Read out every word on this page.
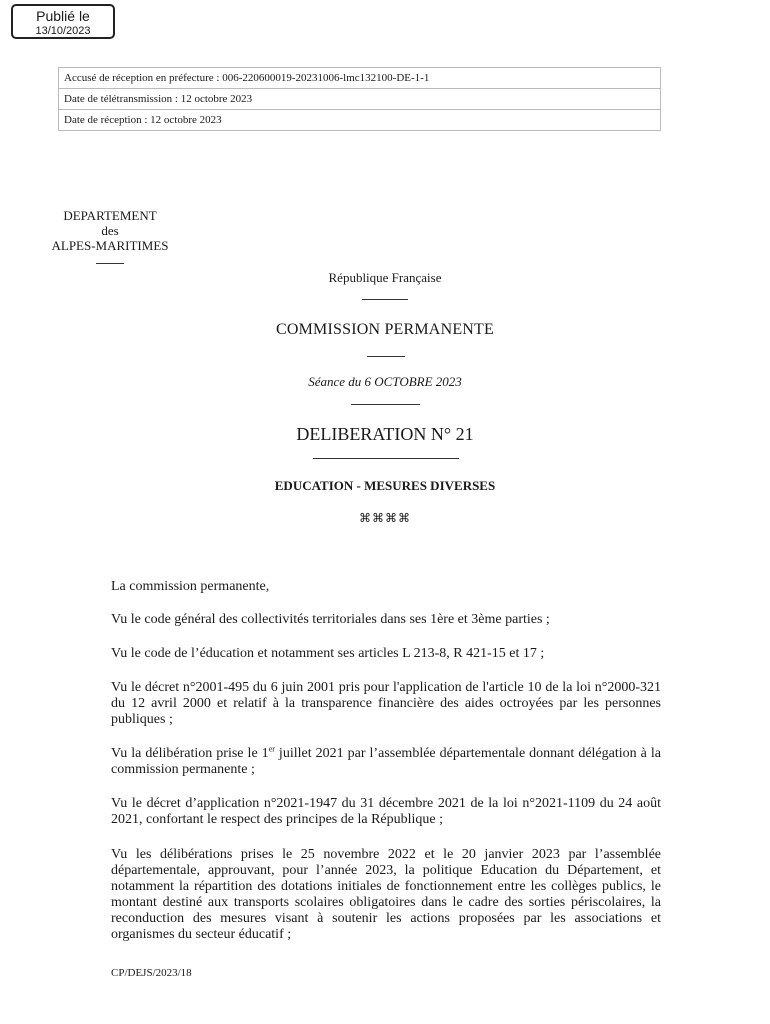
Publié le
13/10/2023
Accusé de réception en préfecture : 006-220600019-20231006-lmc132100-DE-1-1
Date de télétransmission : 12 octobre 2023
Date de réception : 12 octobre 2023
DEPARTEMENT
des
ALPES-MARITIMES
République Française
COMMISSION PERMANENTE
Séance du 6 OCTOBRE 2023
DELIBERATION N° 21
EDUCATION - MESURES DIVERSES
⌘⌘⌘⌘

La commission permanente,

Vu le code général des collectivités territoriales dans ses 1ère et 3ème parties ;

Vu le code de l’éducation et notamment ses articles L 213-8, R 421-15 et 17 ;

Vu le décret n°2001-495 du 6 juin 2001 pris pour l'application de l'article 10 de la loi n°2000-321 du 12 avril 2000 et relatif à la transparence financière des aides octroyées par les personnes publiques ;

Vu la délibération prise le 1er juillet 2021 par l’assemblée départementale donnant délégation à la commission permanente ;

Vu le décret d’application n°2021-1947 du 31 décembre 2021 de la loi n°2021-1109 du 24 août 2021, confortant le respect des principes de la République ;

Vu les délibérations prises le 25 novembre 2022 et le 20 janvier 2023 par l’assemblée départementale, approuvant, pour l’année 2023, la politique Education du Département, et notamment la répartition des dotations initiales de fonctionnement entre les collèges publics, le montant destiné aux transports scolaires obligatoires dans le cadre des sorties périscolaires, la reconduction des mesures visant à soutenir les actions proposées par les associations et organismes du secteur éducatif ;

CP/DEJS/2023/18
